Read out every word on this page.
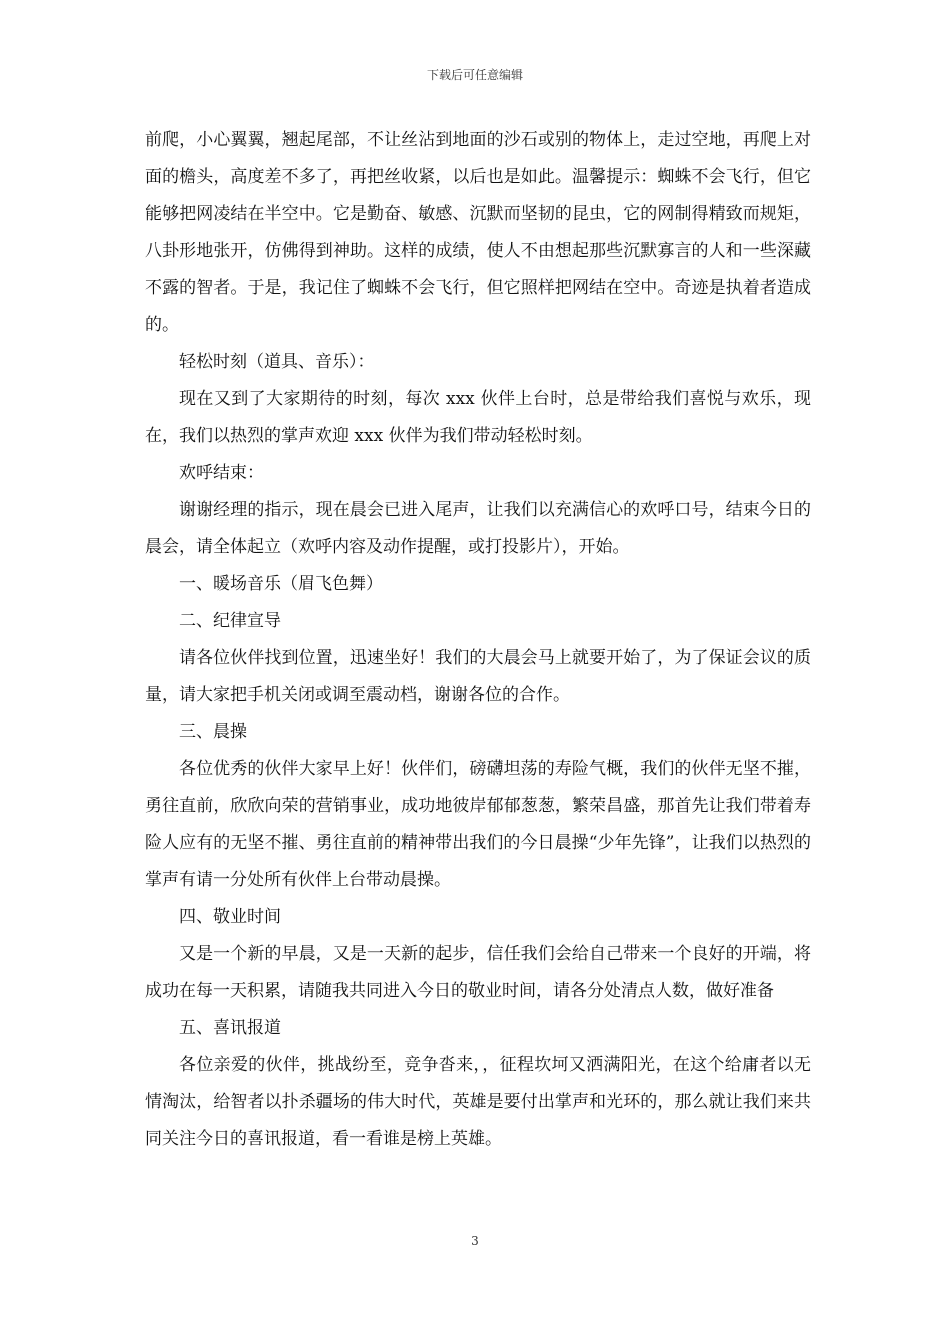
下载后可任意编辑

前爬，小心翼翼，翘起尾部，不让丝沾到地面的沙石或别的物体上，走过空地，再爬上对面的檐头，高度差不多了，再把丝收紧，以后也是如此。温馨提示：蜘蛛不会飞行，但它能够把网凌结在半空中。它是勤奋、敏感、沉默而坚韧的昆虫，它的网制得精致而规矩，八卦形地张开，仿佛得到神助。这样的成绩，使人不由想起那些沉默寡言的人和一些深藏不露的智者。于是，我记住了蜘蛛不会飞行，但它照样把网结在空中。奇迹是执着者造成的。

轻松时刻（道具、音乐）：

现在又到了大家期待的时刻，每次 xxx 伙伴上台时，总是带给我们喜悦与欢乐，现在，我们以热烈的掌声欢迎 xxx 伙伴为我们带动轻松时刻。

欢呼结束：

谢谢经理的指示，现在晨会已进入尾声，让我们以充满信心的欢呼口号，结束今日的晨会，请全体起立（欢呼内容及动作提醒，或打投影片），开始。

一、暖场音乐（眉飞色舞）

二、纪律宣导

请各位伙伴找到位置，迅速坐好！我们的大晨会马上就要开始了，为了保证会议的质量，请大家把手机关闭或调至震动档，谢谢各位的合作。

三、晨操

各位优秀的伙伴大家早上好！伙伴们，磅礴坦荡的寿险气概，我们的伙伴无坚不摧，勇往直前，欣欣向荣的营销事业，成功地彼岸郁郁葱葱，繁荣昌盛，那首先让我们带着寿险人应有的无坚不摧、勇往直前的精神带出我们的今日晨操“少年先锋”，让我们以热烈的掌声有请一分处所有伙伴上台带动晨操。

四、敬业时间

又是一个新的早晨，又是一天新的起步，信任我们会给自己带来一个良好的开端，将成功在每一天积累，请随我共同进入今日的敬业时间，请各分处清点人数，做好准备

五、喜讯报道

各位亲爱的伙伴，挑战纷至，竞争沓来，，征程坎坷又洒满阳光，在这个给庸者以无情淘汰，给智者以扑杀疆场的伟大时代，英雄是要付出掌声和光环的，那么就让我们来共同关注今日的喜讯报道，看一看谁是榜上英雄。

3
